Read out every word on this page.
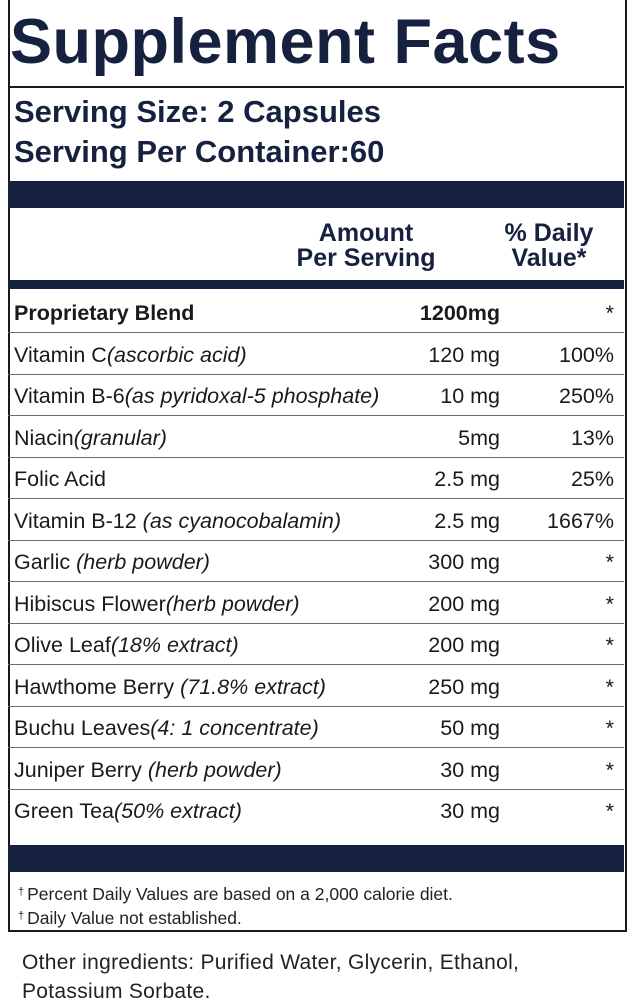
Supplement Facts
Serving Size: 2 Capsules
Serving Per Container:60
Amount
Per Serving
% Daily
Value*
Proprietary Blend	1200mg	*
Vitamin C(ascorbic acid)	120 mg	100%
Vitamin B-6(as pyridoxal-5 phosphate)	10 mg	250%
Niacin(granular)	5mg	13%
Folic Acid	2.5 mg	25%
Vitamin B-12 (as cyanocobalamin)	2.5 mg 1667%
Garlic (herb powder)	300 mg	*
Hibiscus Flower(herb powder)	200 mg	*
Olive Leaf(18% extract)	200 mg	*
Hawthome Berry (71.8% extract)	250 mg	*
Buchu Leaves(4: 1 concentrate)	50 mg	*
Juniper Berry (herb powder)	30 mg	*
Green Tea(50% extract)	30 mg	*
† Percent Daily Values are based on a 2,000 calorie diet.
† Daily Value not established.
Other ingredients: Purified Water, Glycerin, Ethanol, Potassium Sorbate.
